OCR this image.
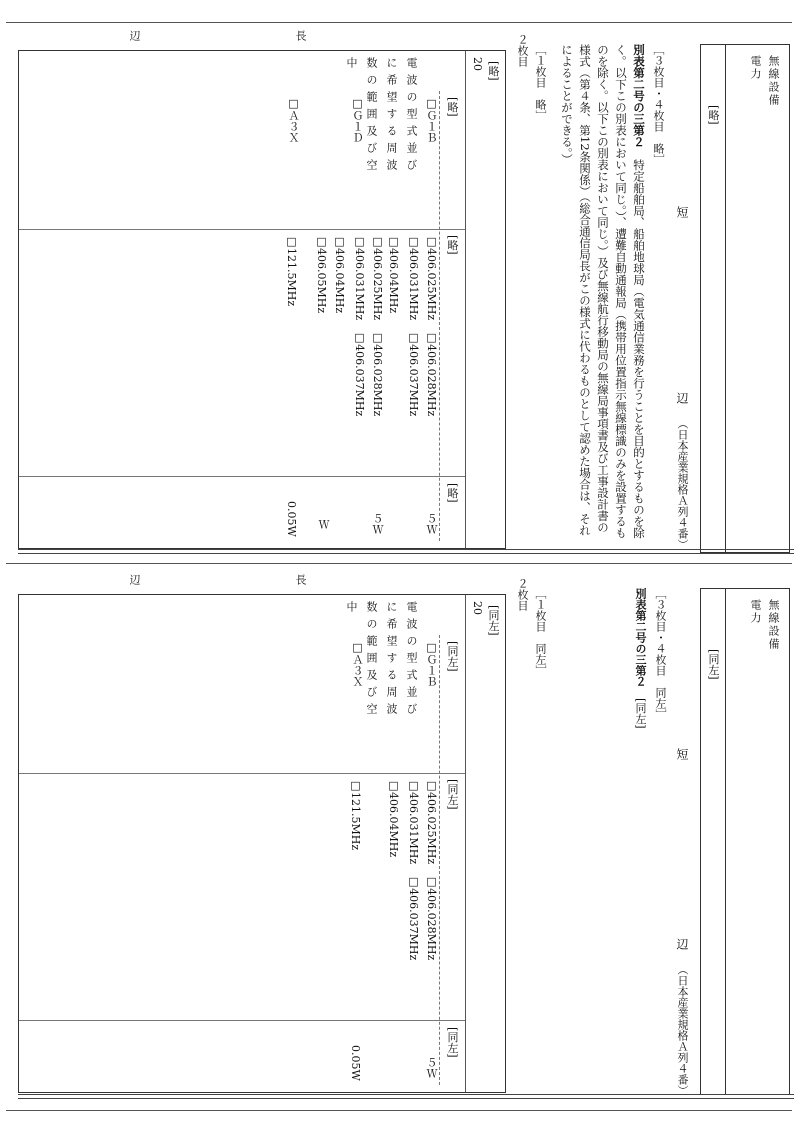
無線設備
電力
[略]
短
辺
（日本産業規格Ａ列４番）
［３枚目・４枚目　略］
別表第二号の三第２　特定船舶局、船舶地球局（電気通信業務を行うことを目的とするものを除く。以下この別表において同じ。）、遭難自動通報局（携帯用位置指示無線標識のみを設置するものを除く。以下この別表において同じ。）及び無線航行移動局の無線局事項書及び工事設計書の様式（第４条、第12条関係）（総合通信局長がこの様式に代わるものとして認めた場合は、それによることができる。）
［１枚目　略］
２枚目
20 [略]
電波の型式並びに希望する周波数の範囲及び空中
[略]
[略]
[略]
□Ｇ１Ｂ
□Ｇ１Ｄ
□Ａ３Ｘ
□406.025MHz　□406.028MHz
□406.031MHz　□406.037MHz
□406.04MHz
□406.025MHz　□406.028MHz
□406.031MHz　□406.037MHz
□406.04MHz
□406.05MHz
□121.5MHz
５Ｗ
５Ｗ
Ｗ
0.05W
長
辺
無線設備
電力
[同左]
短
辺
（日本産業規格Ａ列４番）
［３枚目・４枚目　同左］
別表第二号の三第２　[同左]
［１枚目　同左］
２枚目
20 [同左]
電波の型式並びに希望する周波数の範囲及び空中
[同左]
[同左]
[同左]
□Ｇ１Ｂ
□Ａ３Ｘ
□406.025MHz　□406.028MHz
□406.031MHz　□406.037MHz
□406.04MHz
□121.5MHz
５Ｗ
0.05W
長
辺
